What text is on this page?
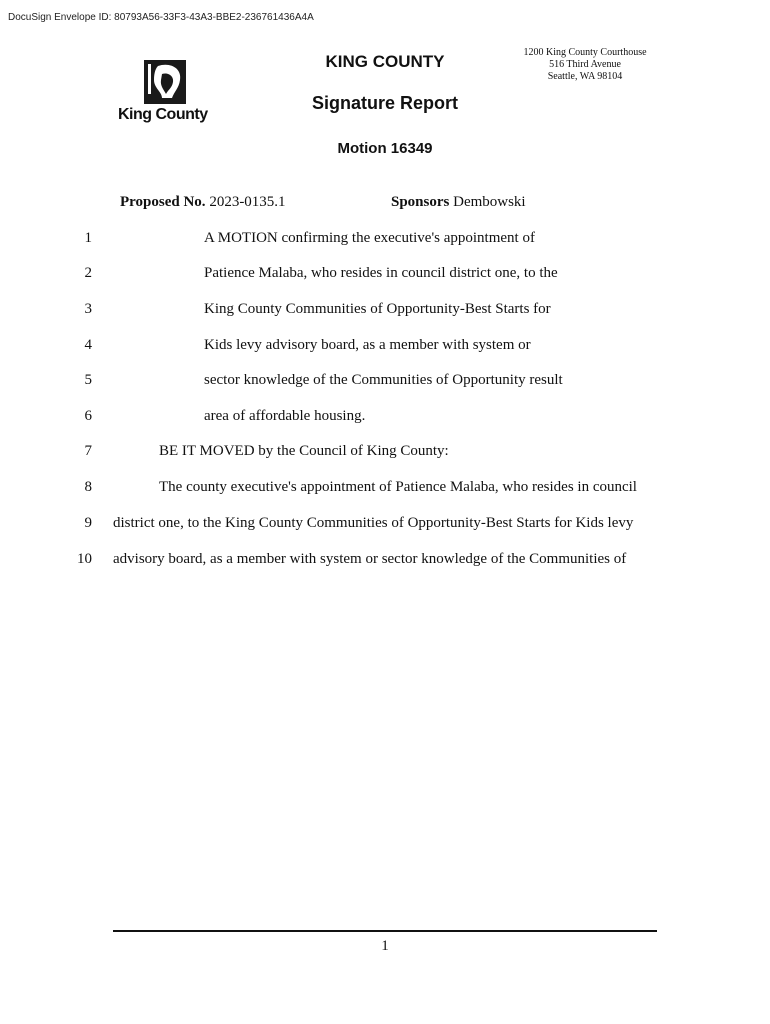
DocuSign Envelope ID: 80793A56-33F3-43A3-BBE2-236761436A4A
King County
KING COUNTY	1200 King County Courthouse
516 Third Avenue
Seattle, WA 98104
Signature Report
Motion 16349
Proposed No. 2023-0135.1	Sponsors Dembowski
1	A MOTION confirming the executive's appointment of
2	Patience Malaba, who resides in council district one, to the
3	King County Communities of Opportunity-Best Starts for
4	Kids levy advisory board, as a member with system or
5	sector knowledge of the Communities of Opportunity result
6	area of affordable housing.
7	BE IT MOVED by the Council of King County:
8	The county executive's appointment of Patience Malaba, who resides in council
9 district one, to the King County Communities of Opportunity-Best Starts for Kids levy
10 advisory board, as a member with system or sector knowledge of the Communities of
1
